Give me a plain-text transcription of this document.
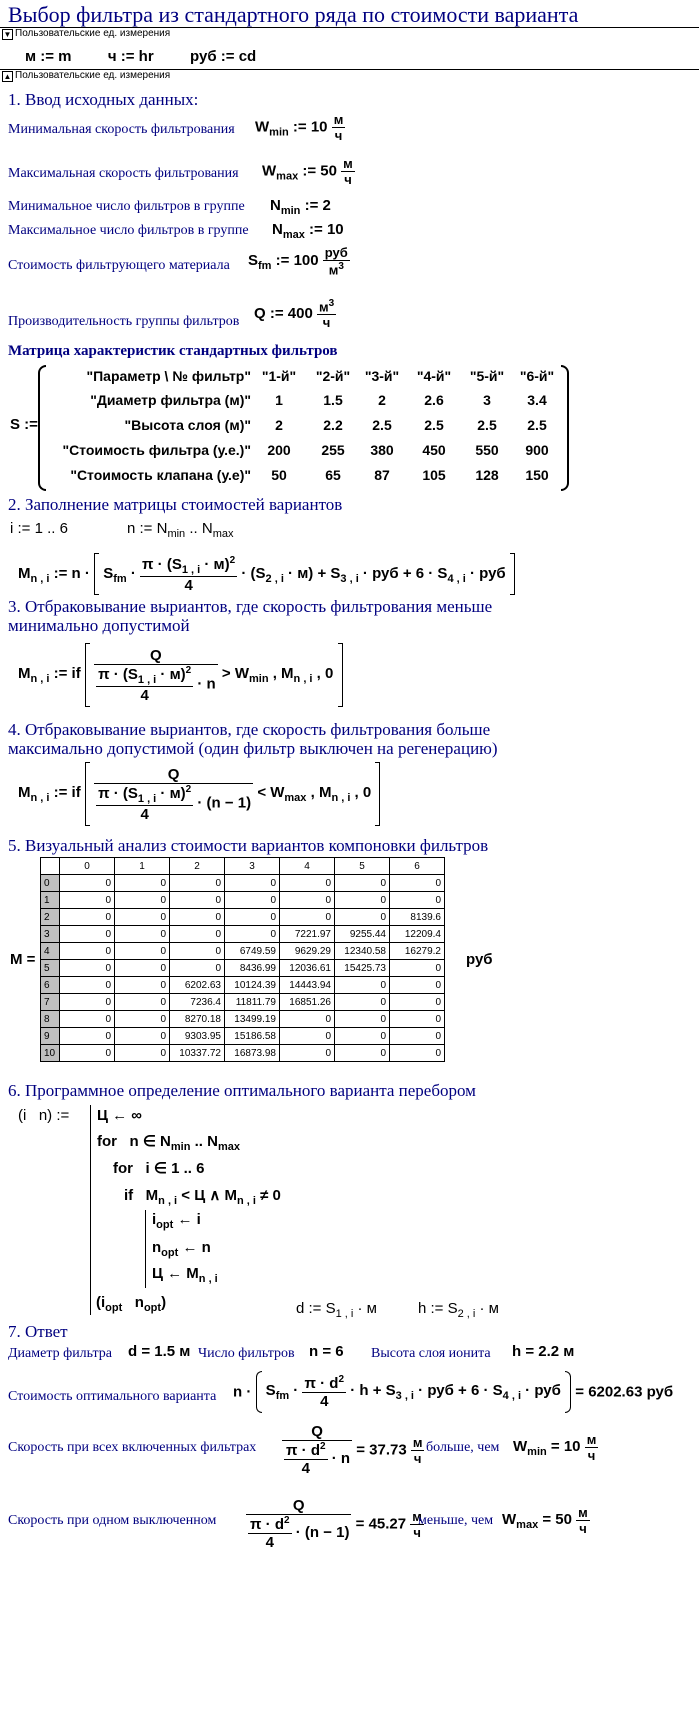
Выбор фильтра из стандартного ряда по стоимости варианта
▼ Пользовательские ед. измерения
м := m ч := hr руб := cd
▲ Пользовательские ед. измерения
1. Ввод исходных данных:
Минимальная скорость фильтрования $W_{min}$ := $10 \frac{м}{ч}$
Максимальная скорость фильтрования $W_{max}$ := $50 \frac{м}{ч}$
Минимальное число фильтров в группе $N_{min}$ := 2
Максимальное число фильтров в группе $N_{max}$ := 10
Стоимость фильтрующего материала $S_{fm}$ := $100 \frac{\text{руб}}{м^3}$
Производительность группы фильтров Q := $400 \frac{м^3}{ч}$
Матрица характеристик стандартных фильтров
S :=
"Параметр \ № фильтр" "1-й"	"2-й"	"3-й"	"4-й"	"5-й"	"6-й"
"Диаметр фильтра (м)"	1	1.5	2	2.6	3	3.4
"Высота слоя (м)"	2	2.2	2.5	2.5	2.5	2.5
"Стоимость фильтра (у.е.)"	200	255	380	450	550	900
"Стоимость клапана (у.е)"	50	65	87	105	128	150
2. Заполнение матрицы стоимостей вариантов
i := 1 .. 6	n := $N_{min}$ .. $N_{max}$
$M_{n , i}$ := $n \cdot S_{fm} \cdot \frac{\pi \cdot (S_{1 , i} \cdot м)^2}{4} \cdot (S_{2 , i} \cdot м) + S_{3 , i}$ · руб + $6 \cdot S_{4 , i}$ · руб
3. Отбраковывание выриантов, где скорость фильтрования меньше
минимально допустимой
$M_{n , i}$ := if $\frac{Q}{\frac{\pi \cdot (S_{1 , i} \cdot м)^2}{4} \cdot n} > W_{min}$ , $M_{n , i}$ , 0
4. Отбраковывание выриантов, где скорость фильтрования больше
максимально допустимой (один фильтр выключен на регенерацию)
$M_{n , i}$ := if $\frac{Q}{\frac{\pi \cdot (S_{1 , i} \cdot м)^2}{4} \cdot (n - 1)} < W_{max}$ , $M_{n , i}$ , 0
5. Визуальный анализ стоимости вариантов компоновки фильтров
M =
	0	1	2	3	4	5	6
0	0	0	0	0	0	0	0
1	0	0	0	0	0	0	0
2	0	0	0	0	0	0	8139.6
3	0	0	0	0	7221.97	9255.44	12209.4
4	0	0	0	6749.59	9629.29	12340.58	16279.2
5	0	0	0	8436.99	12036.61	15425.73	0
6	0	0	6202.63	10124.39	14443.94	0	0
7	0	0	7236.4	11811.79	16851.26	0	0
8	0	0	8270.18	13499.19	0	0	0
9	0	0	9303.95	15186.58	0	0	0
10	0	0	10337.72	16873.98	0	0	0
руб
6. Программное определение оптимального варианта перебором
(i   n) := Ц ← ∞
for   n ∈ $N_{min}$ .. $N_{max}$
for   i ∈ 1 .. 6
if   $M_{n , i} < Ц$ ∧ $M_{n , i} \ne 0$
$i_{opt}$ ← i
$n_{opt}$ ← n
Ц ← $M_{n , i}$
($i_{opt}$   $n_{opt}$)	d := $S_{1 , i} \cdot м$	h := $S_{2 , i} \cdot м$
7. Ответ
Диаметр фильтра d = 1.5 м Число фильтров n = 6 Высота слоя ионита h = 2.2 м
Стоимость оптимального варианта $n \cdot S_{fm} \cdot \frac{\pi \cdot d^2}{4} \cdot h + S_{3 , i}$ · руб + $6 \cdot S_{4 , i}$ · руб = 6202.63 руб
Скорость при всех включенных фильтрах $\frac{Q}{\frac{\pi \cdot d^2}{4} \cdot n} = 37.73 \frac{м}{ч}$ больше, чем $W_{min} = 10 \frac{м}{ч}$
Скорость при одном выключенном $\frac{Q}{\frac{\pi \cdot d^2}{4} \cdot (n - 1)} = 45.27 \frac{м}{ч}$
меньше, чем $W_{max} = 50 \frac{м}{ч}$
